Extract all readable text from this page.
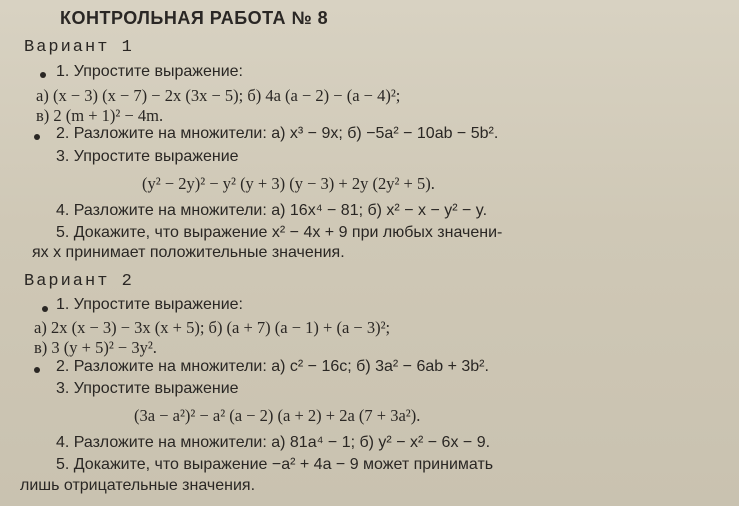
КОНТРОЛЬНАЯ РАБОТА № 8
Вариант 1
1. Упростите выражение:
а) (x − 3) (x − 7) − 2x (3x − 5); б) 4a (a − 2) − (a − 4)²;
в) 2 (m + 1)² − 4m.
2. Разложите на множители: а) x³ − 9x; б) −5a² − 10ab − 5b².
3. Упростите выражение
(y² − 2y)² − y² (y + 3) (y − 3) + 2y (2y² + 5).
4. Разложите на множители: а) 16x⁴ − 81; б) x² − x − y² − y.
5. Докажите, что выражение x² − 4x + 9 при любых значени-
ях x принимает положительные значения.
Вариант 2
1. Упростите выражение:
а) 2x (x − 3) − 3x (x + 5); б) (a + 7) (a − 1) + (a − 3)²;
в) 3 (y + 5)² − 3y².
2. Разложите на множители: а) c² − 16c; б) 3a² − 6ab + 3b².
3. Упростите выражение
(3a − a²)² − a² (a − 2) (a + 2) + 2a (7 + 3a²).
4. Разложите на множители: а) 81a⁴ − 1; б) y² − x² − 6x − 9.
5. Докажите, что выражение −a² + 4a − 9 может принимать
лишь отрицательные значения.
